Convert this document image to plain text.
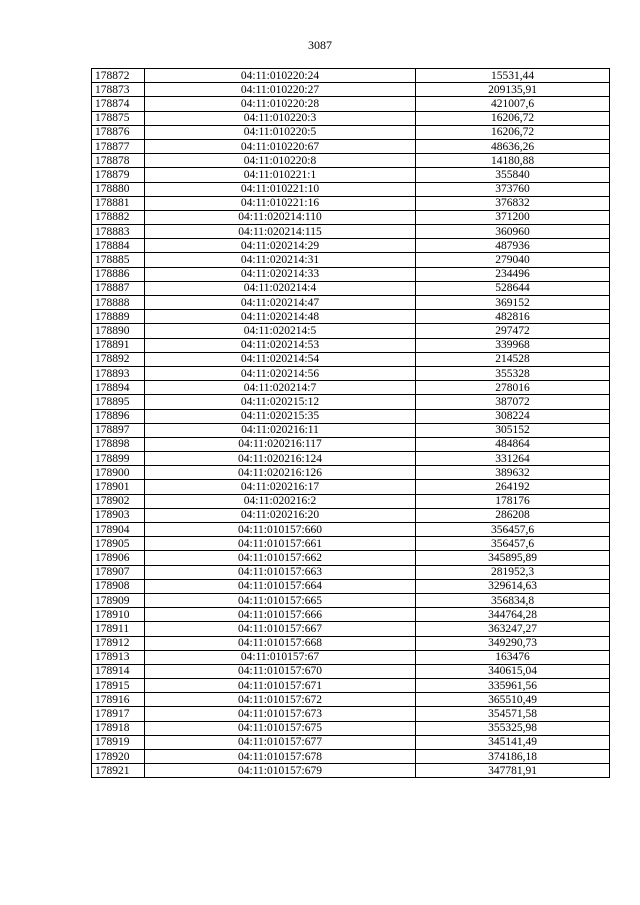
3087
178872	04:11:010220:24	15531,44
178873	04:11:010220:27	209135,91
178874	04:11:010220:28	421007,6
178875	04:11:010220:3	16206,72
178876	04:11:010220:5	16206,72
178877	04:11:010220:67	48636,26
178878	04:11:010220:8	14180,88
178879	04:11:010221:1	355840
178880	04:11:010221:10	373760
178881	04:11:010221:16	376832
178882	04:11:020214:110	371200
178883	04:11:020214:115	360960
178884	04:11:020214:29	487936
178885	04:11:020214:31	279040
178886	04:11:020214:33	234496
178887	04:11:020214:4	528644
178888	04:11:020214:47	369152
178889	04:11:020214:48	482816
178890	04:11:020214:5	297472
178891	04:11:020214:53	339968
178892	04:11:020214:54	214528
178893	04:11:020214:56	355328
178894	04:11:020214:7	278016
178895	04:11:020215:12	387072
178896	04:11:020215:35	308224
178897	04:11:020216:11	305152
178898	04:11:020216:117	484864
178899	04:11:020216:124	331264
178900	04:11:020216:126	389632
178901	04:11:020216:17	264192
178902	04:11:020216:2	178176
178903	04:11:020216:20	286208
178904	04:11:010157:660	356457,6
178905	04:11:010157:661	356457,6
178906	04:11:010157:662	345895,89
178907	04:11:010157:663	281952,3
178908	04:11:010157:664	329614,63
178909	04:11:010157:665	356834,8
178910	04:11:010157:666	344764,28
178911	04:11:010157:667	363247,27
178912	04:11:010157:668	349290,73
178913	04:11:010157:67	163476
178914	04:11:010157:670	340615,04
178915	04:11:010157:671	335961,56
178916	04:11:010157:672	365510,49
178917	04:11:010157:673	354571,58
178918	04:11:010157:675	355325,98
178919	04:11:010157:677	345141,49
178920	04:11:010157:678	374186,18
178921	04:11:010157:679	347781,91
